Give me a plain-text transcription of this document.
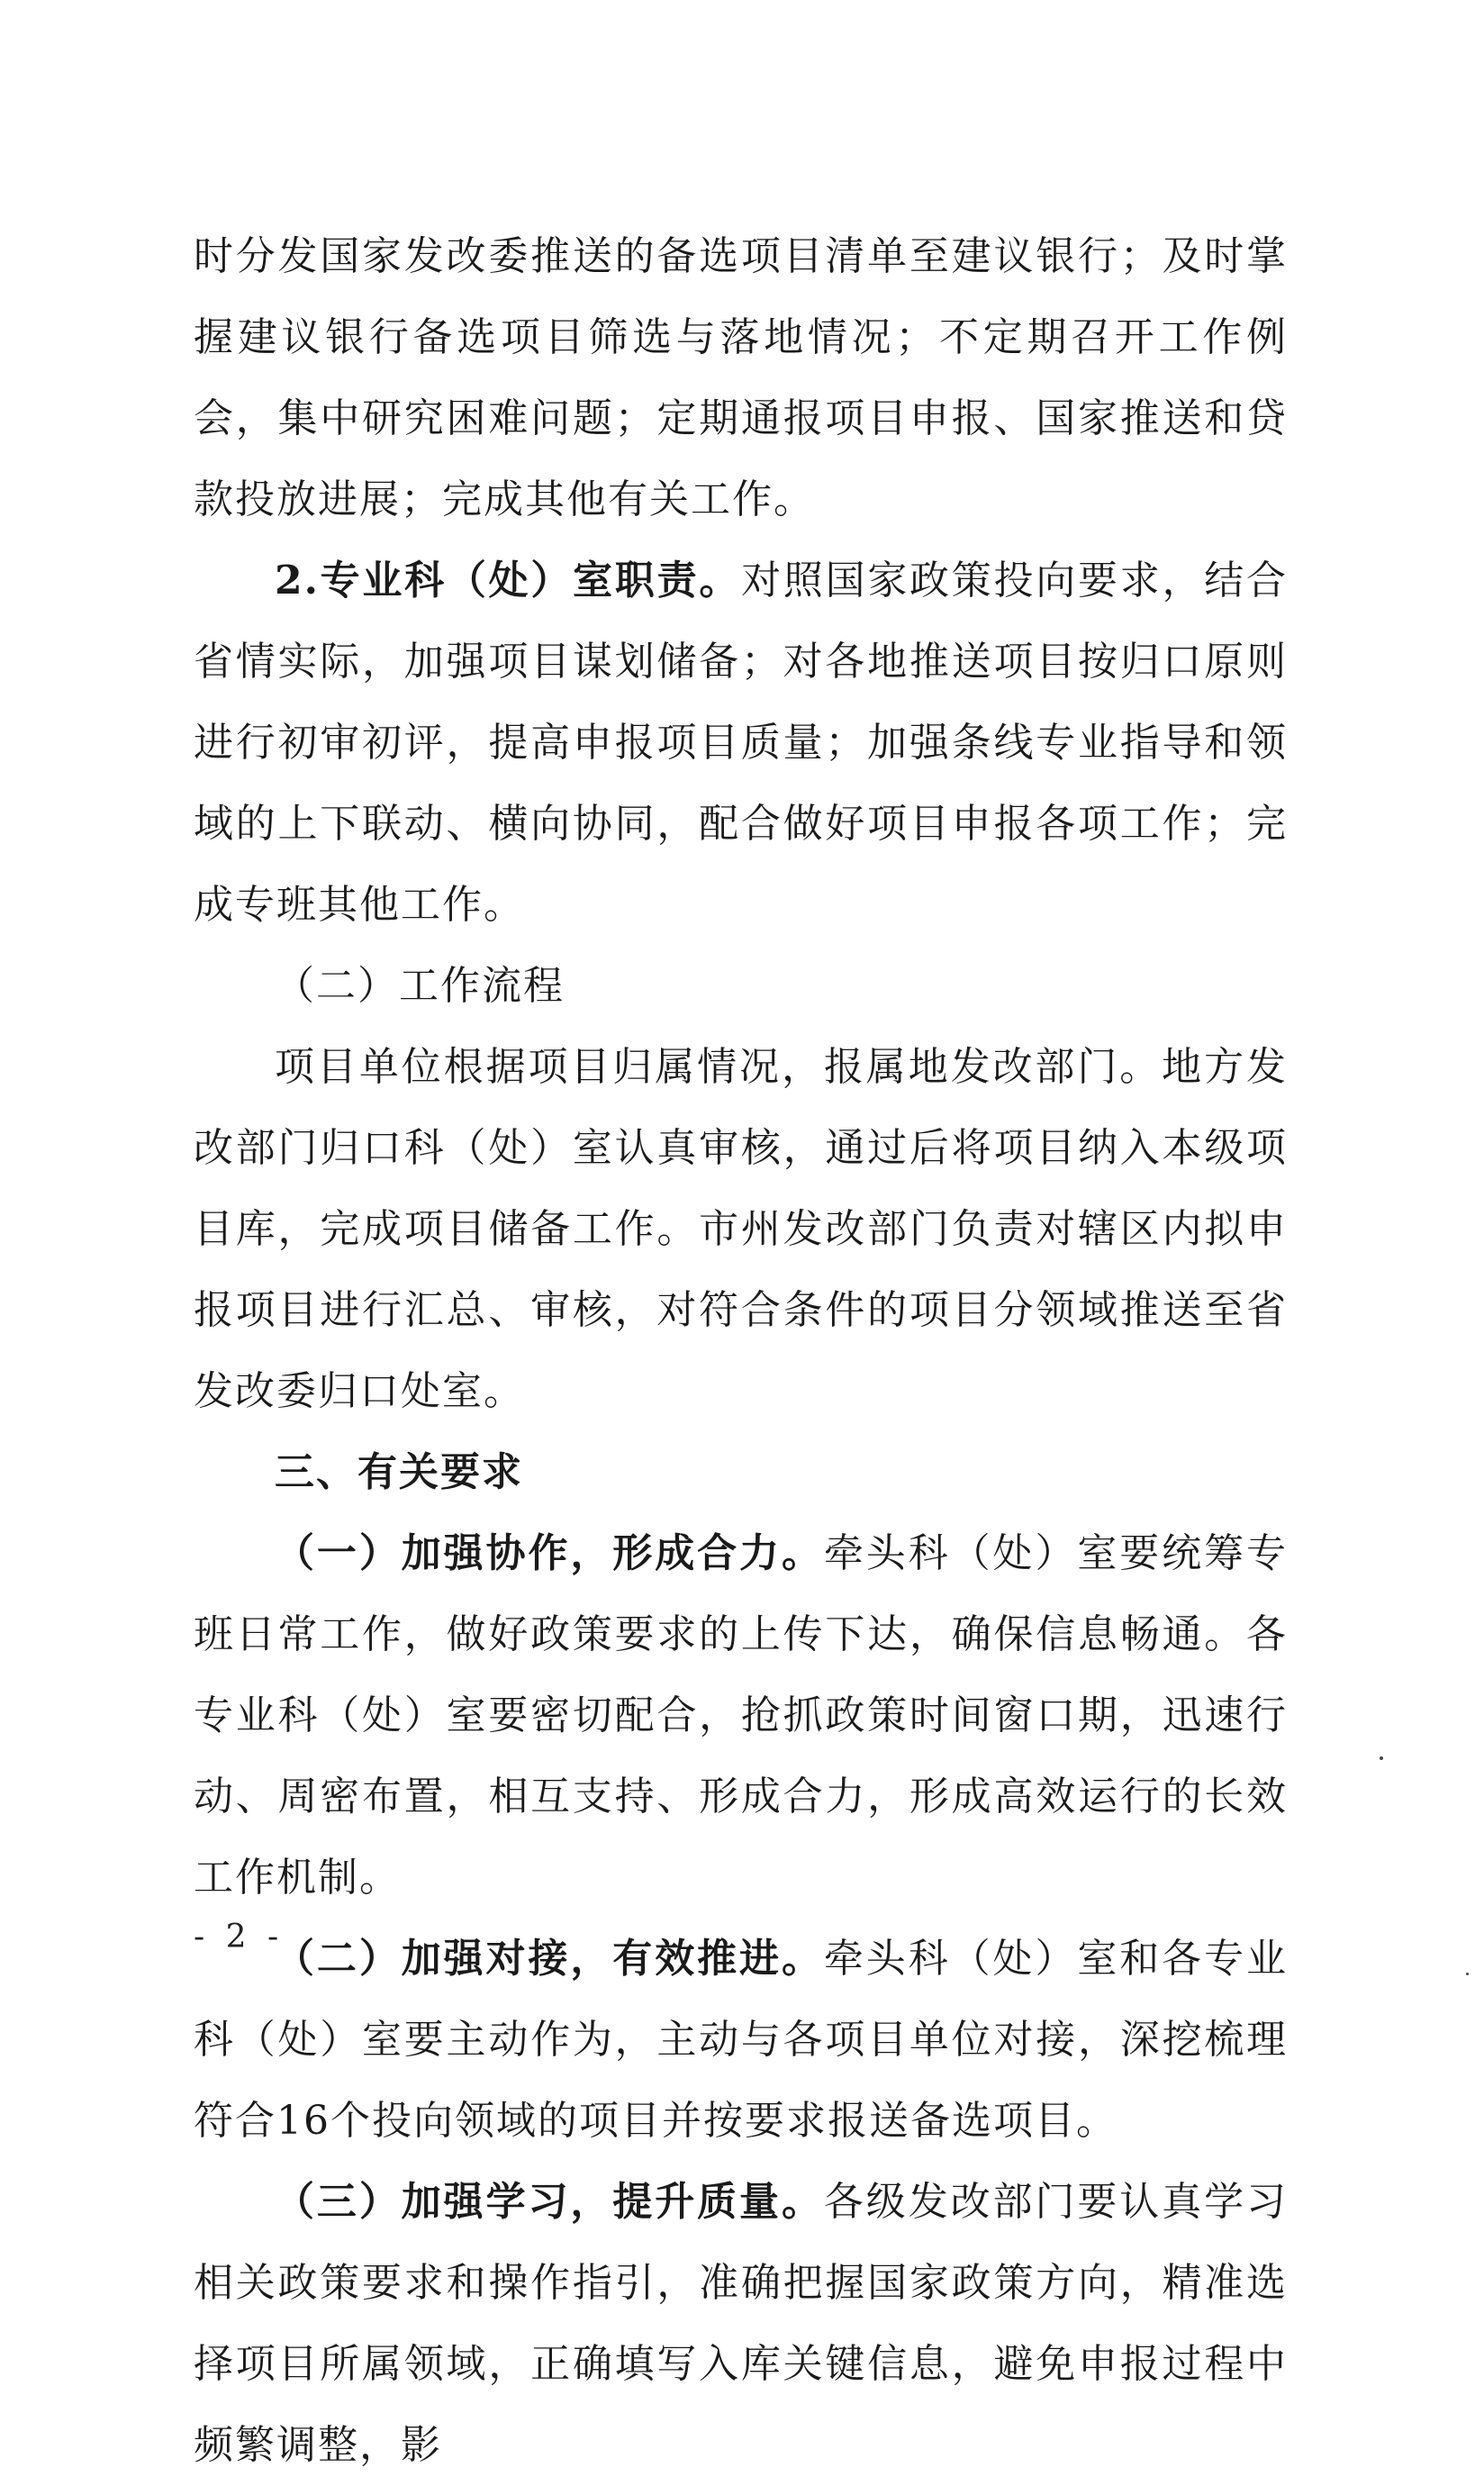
时分发国家发改委推送的备选项目清单至建议银行；及时掌握建议银行备选项目筛选与落地情况；不定期召开工作例会，集中研究困难问题；定期通报项目申报、国家推送和贷款投放进展；完成其他有关工作。

2.专业科（处）室职责。对照国家政策投向要求，结合省情实际，加强项目谋划储备；对各地推送项目按归口原则进行初审初评，提高申报项目质量；加强条线专业指导和领域的上下联动、横向协同，配合做好项目申报各项工作；完成专班其他工作。

（二）工作流程

项目单位根据项目归属情况，报属地发改部门。地方发改部门归口科（处）室认真审核，通过后将项目纳入本级项目库，完成项目储备工作。市州发改部门负责对辖区内拟申报项目进行汇总、审核，对符合条件的项目分领域推送至省发改委归口处室。

三、有关要求

（一）加强协作，形成合力。牵头科（处）室要统筹专班日常工作，做好政策要求的上传下达，确保信息畅通。各专业科（处）室要密切配合，抢抓政策时间窗口期，迅速行动、周密布置，相互支持、形成合力，形成高效运行的长效工作机制。

（二）加强对接，有效推进。牵头科（处）室和各专业科（处）室要主动作为，主动与各项目单位对接，深挖梳理符合16个投向领域的项目并按要求报送备选项目。

（三）加强学习，提升质量。各级发改部门要认真学习相关政策要求和操作指引，准确把握国家政策方向，精准选择项目所属领域，正确填写入库关键信息，避免申报过程中频繁调整，影

- 2 -
